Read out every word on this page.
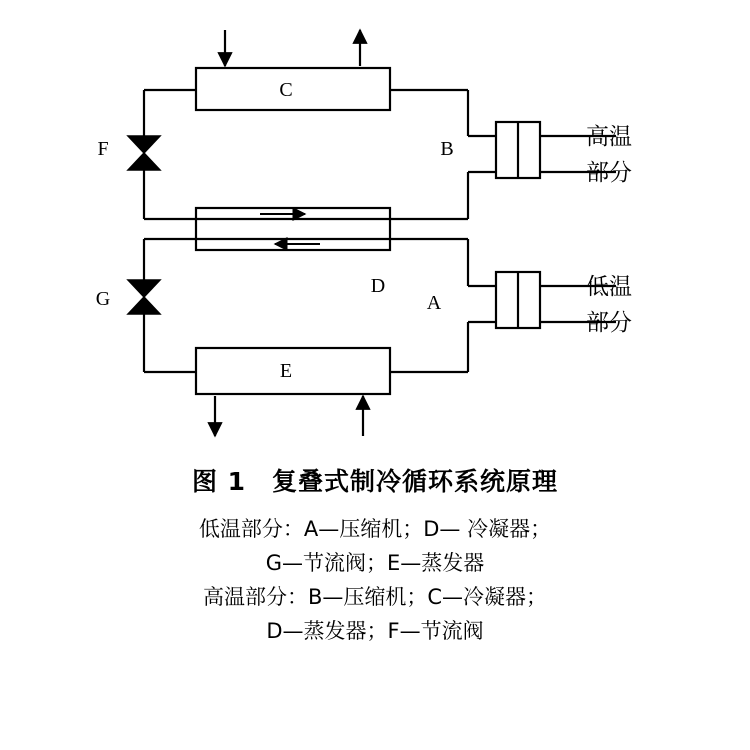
C
F	B
D
A
G
E
高温
部分
低温
部分
图 1　复叠式制冷循环系统原理
低温部分：A—压缩机；D— 冷凝器；
G—节流阀；E—蒸发器
高温部分：B—压缩机；C—冷凝器；
D—蒸发器；F—节流阀
